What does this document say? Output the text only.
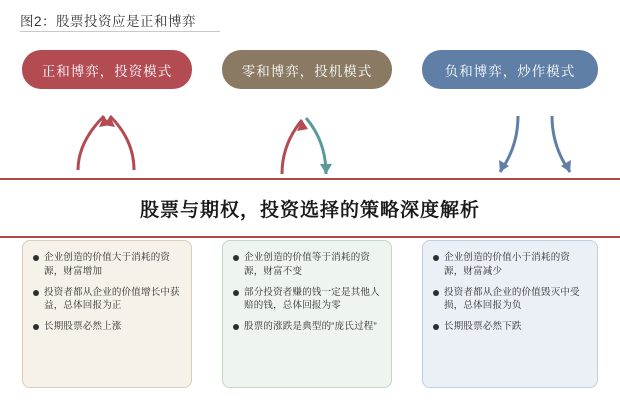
图2：股票投资应是正和博弈
正和博弈，投资模式	零和博弈，投机模式	负和博弈，炒作模式
股票与期权，投资选择的策略深度解析
企业创造的价值大于消耗的资源，财富增加
投资者都从企业的价值增长中获益，总体回报为正
长期股票必然上涨
企业创造的价值等于消耗的资源，财富不变
部分投资者赚的钱一定是其他人赔的钱，总体回报为零
股票的涨跌是典型的“庞氏过程”
企业创造的价值小于消耗的资源，财富减少
投资者都从企业的价值毁灭中受损，总体回报为负
长期股票必然下跌
